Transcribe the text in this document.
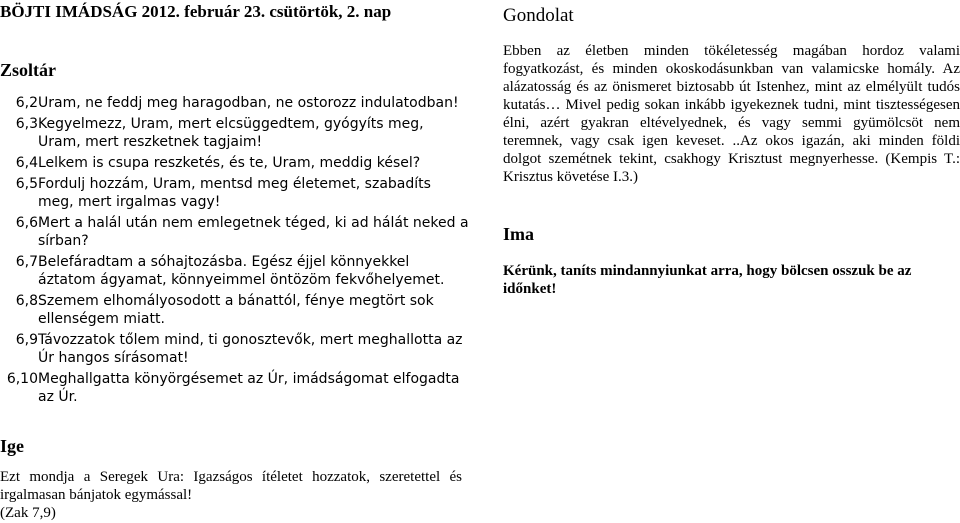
BÖJTI IMÁDSÁG 2012. február 23. csütörtök, 2. nap
Zsoltár
6,2 Uram, ne feddj meg haragodban, ne ostorozz indulatodban!
6,3 Kegyelmezz, Uram, mert elcsüggedtem, gyógyíts meg, Uram, mert reszketnek tagjaim!
6,4 Lelkem is csupa reszketés, és te, Uram, meddig késel?
6,5 Fordulj hozzám, Uram, mentsd meg életemet, szabadíts meg, mert irgalmas vagy!
6,6 Mert a halál után nem emlegetnek téged, ki ad hálát neked a sírban?
6,7 Belefáradtam a sóhajtozásba. Egész éjjel könnyekkel áztatom ágyamat, könnyeimmel öntözöm fekvőhelyemet.
6,8 Szemem elhomályosodott a bánattól, fénye megtört sok ellenségem miatt.
6,9 Távozzatok tőlem mind, ti gonosztevők, mert meghallotta az Úr hangos sírásomat!
6,10 Meghallgatta könyörgésemet az Úr, imádságomat elfogadta az Úr.
Ige
Ezt mondja a Seregek Ura: Igazságos ítéletet hozzatok, szeretettel és irgalmasan bánjatok egymással!
(Zak 7,9)
Gondolat
Ebben az életben minden tökéletesség magában hordoz valami fogyatkozást, és minden okoskodásunkban van valamicske homály. Az alázatosság és az önismeret biztosabb út Istenhez, mint az elmélyült tudós kutatás… Mivel pedig sokan inkább igyekeznek tudni, mint tisztességesen élni, azért gyakran eltévelyednek, és vagy semmi gyümölcsöt nem teremnek, vagy csak igen keveset. ..Az okos igazán, aki minden földi dolgot szemétnek tekint, csakhogy Krisztust megnyerhesse. (Kempis T.: Krisztus követése I.3.)
Ima
Kérünk, taníts mindannyiunkat arra, hogy bölcsen osszuk be az időnket!
